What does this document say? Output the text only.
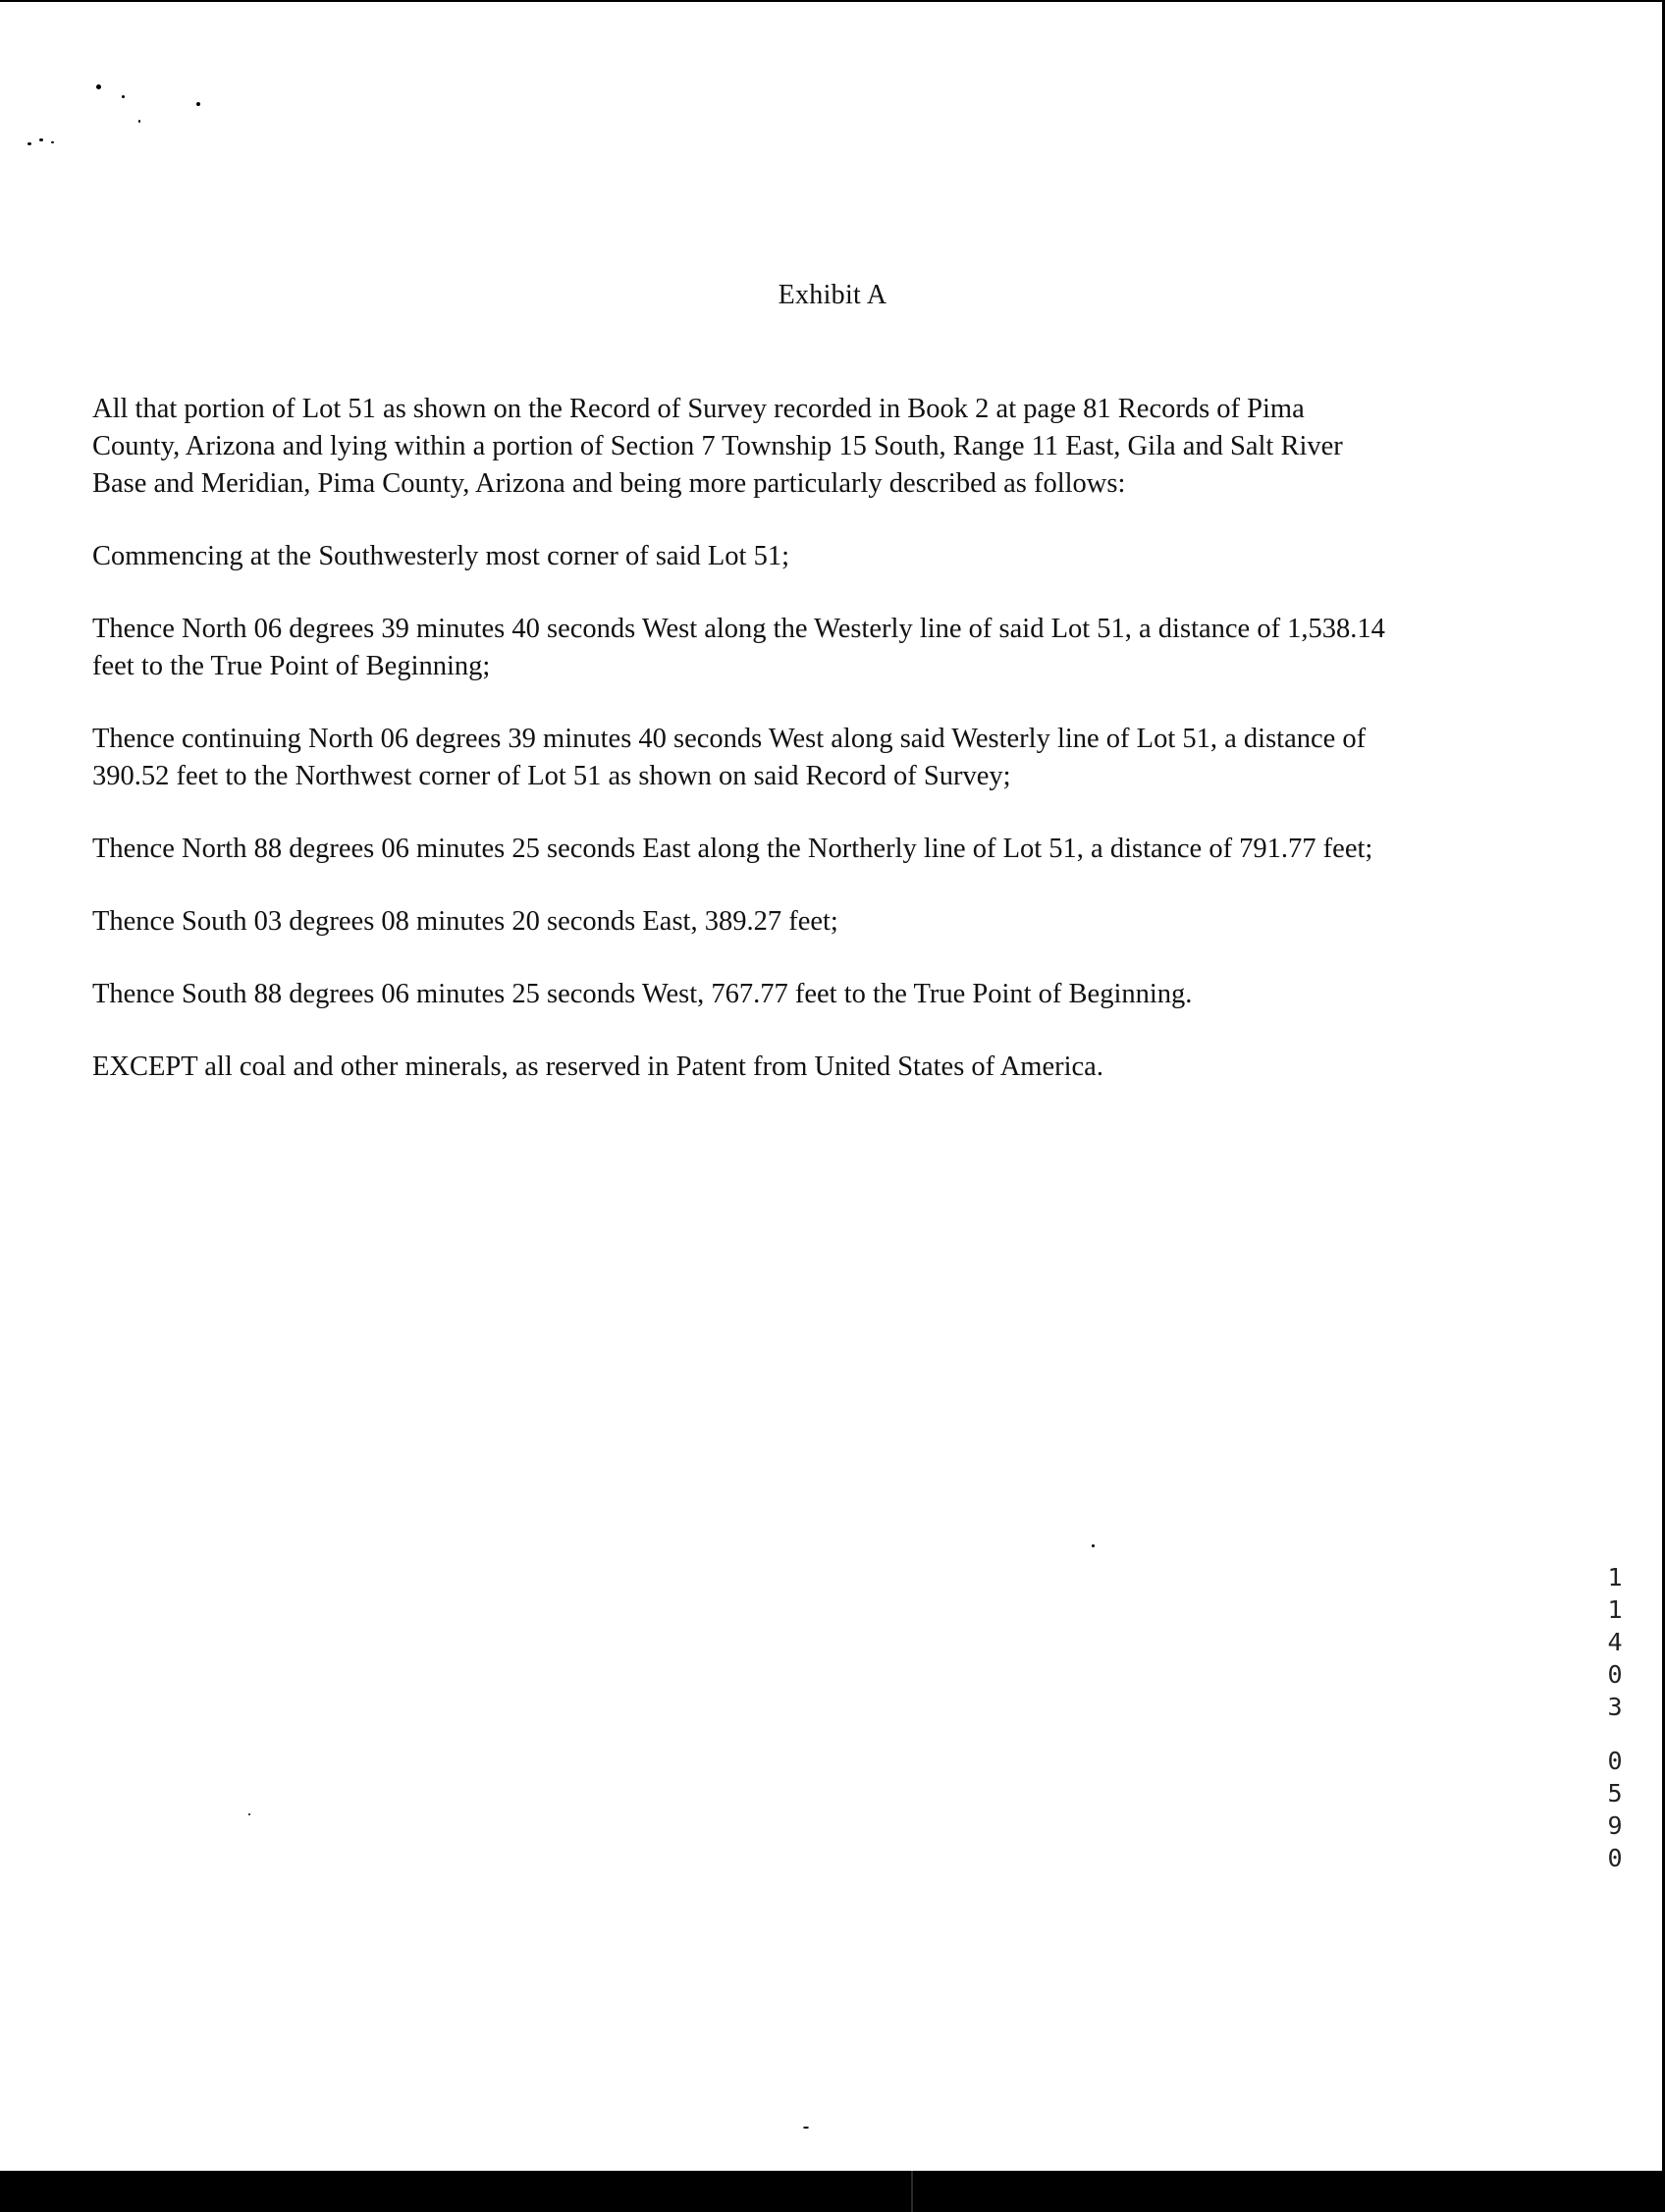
Exhibit A

All that portion of Lot 51 as shown on the Record of Survey recorded in Book 2 at page 81 Records of Pima
County, Arizona and lying within a portion of Section 7 Township 15 South, Range 11 East, Gila and Salt River
Base and Meridian, Pima County, Arizona and being more particularly described as follows:

Commencing at the Southwesterly most corner of said Lot 51;

Thence North 06 degrees 39 minutes 40 seconds West along the Westerly line of said Lot 51, a distance of 1,538.14
feet to the True Point of Beginning;

Thence continuing North 06 degrees 39 minutes 40 seconds West along said Westerly line of Lot 51, a distance of
390.52 feet to the Northwest corner of Lot 51 as shown on said Record of Survey;

Thence North 88 degrees 06 minutes 25 seconds East along the Northerly line of Lot 51, a distance of 791.77 feet;

Thence South 03 degrees 08 minutes 20 seconds East, 389.27 feet;

Thence South 88 degrees 06 minutes 25 seconds West, 767.77 feet to the True Point of Beginning.

EXCEPT all coal and other minerals, as reserved in Patent from United States of America.

1
1
4
0
3
0
5
9
0
